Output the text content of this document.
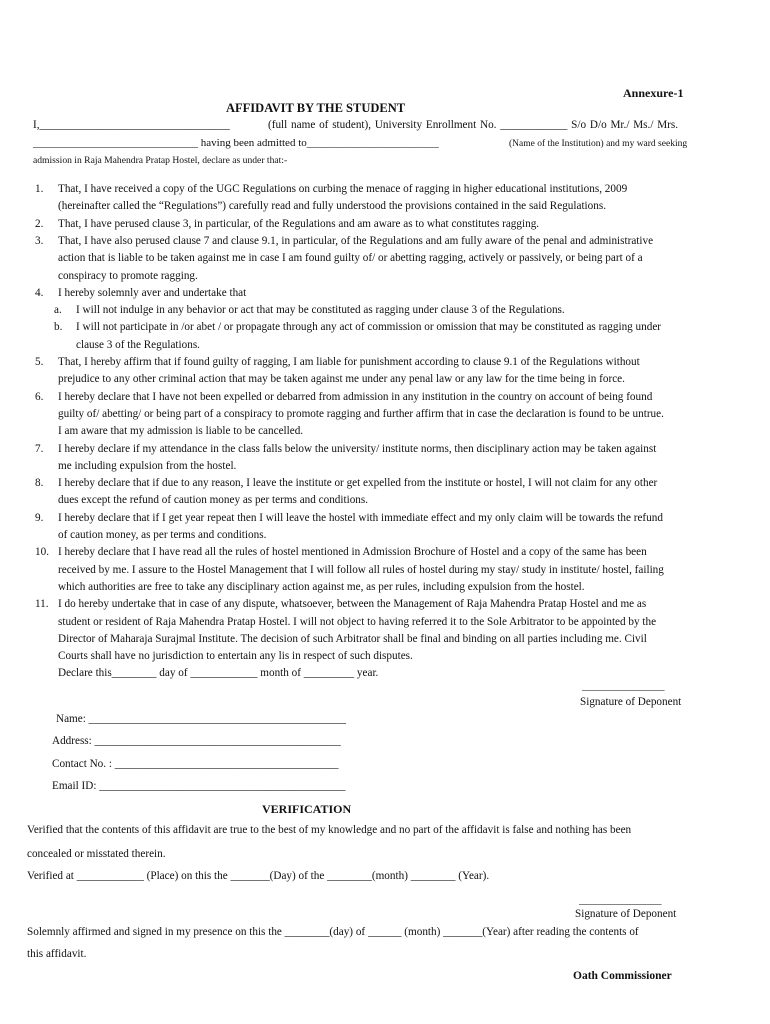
Annexure-1
AFFIDAVIT BY THE STUDENT
I,__________________________________	(full name of student), University Enrollment No. ____________ S/o D/o Mr./ Ms./ Mrs.
______________________________ having been admitted to________________________	(Name of the Institution) and my ward seeking
admission in Raja Mahendra Pratap Hostel, declare as under that:-
1. That, I have received a copy of the UGC Regulations on curbing the menace of ragging in higher educational institutions, 2009
(hereinafter called the “Regulations”) carefully read and fully understood the provisions contained in the said Regulations.
2. That, I have perused clause 3, in particular, of the Regulations and am aware as to what constitutes ragging.
3. That, I have also perused clause 7 and clause 9.1, in particular, of the Regulations and am fully aware of the penal and administrative
action that is liable to be taken against me in case I am found guilty of/ or abetting ragging, actively or passively, or being part of a
conspiracy to promote ragging.
4. I hereby solemnly aver and undertake that
a. I will not indulge in any behavior or act that may be constituted as ragging under clause 3 of the Regulations.
b. I will not participate in /or abet / or propagate through any act of commission or omission that may be constituted as ragging under
clause 3 of the Regulations.
5. That, I hereby affirm that if found guilty of ragging, I am liable for punishment according to clause 9.1 of the Regulations without
prejudice to any other criminal action that may be taken against me under any penal law or any law for the time being in force.
6. I hereby declare that I have not been expelled or debarred from admission in any institution in the country on account of being found
guilty of/ abetting/ or being part of a conspiracy to promote ragging and further affirm that in case the declaration is found to be untrue.
I am aware that my admission is liable to be cancelled.
7. I hereby declare if my attendance in the class falls below the university/ institute norms, then disciplinary action may be taken against
me including expulsion from the hostel.
8. I hereby declare that if due to any reason, I leave the institute or get expelled from the institute or hostel, I will not claim for any other
dues except the refund of caution money as per terms and conditions.
9. I hereby declare that if I get year repeat then I will leave the hostel with immediate effect and my only claim will be towards the refund
of caution money, as per terms and conditions.
10. I hereby declare that I have read all the rules of hostel mentioned in Admission Brochure of Hostel and a copy of the same has been
received by me. I assure to the Hostel Management that I will follow all rules of hostel during my stay/ study in institute/ hostel, failing
which authorities are free to take any disciplinary action against me, as per rules, including expulsion from the hostel.
11. I do hereby undertake that in case of any dispute, whatsoever, between the Management of Raja Mahendra Pratap Hostel and me as
student or resident of Raja Mahendra Pratap Hostel. I will not object to having referred it to the Sole Arbitrator to be appointed by the
Director of Maharaja Surajmal Institute. The decision of such Arbitrator shall be final and binding on all parties including me. Civil
Courts shall have no jurisdiction to entertain any lis in respect of such disputes.
Declare this________ day of ____________ month of _________ year.
_______________
Signature of Deponent
Name: ______________________________________________
Address: ____________________________________________
Contact No. : ________________________________________
Email ID: ____________________________________________
VERIFICATION
Verified that the contents of this affidavit are true to the best of my knowledge and no part of the affidavit is false and nothing has been
concealed or misstated therein.
Verified at ____________ (Place) on this the _______(Day) of the ________(month) ________ (Year).
_______________
Signature of Deponent
Solemnly affirmed and signed in my presence on this the ________(day) of ______ (month) _______(Year) after reading the contents of
this affidavit.
Oath Commissioner
